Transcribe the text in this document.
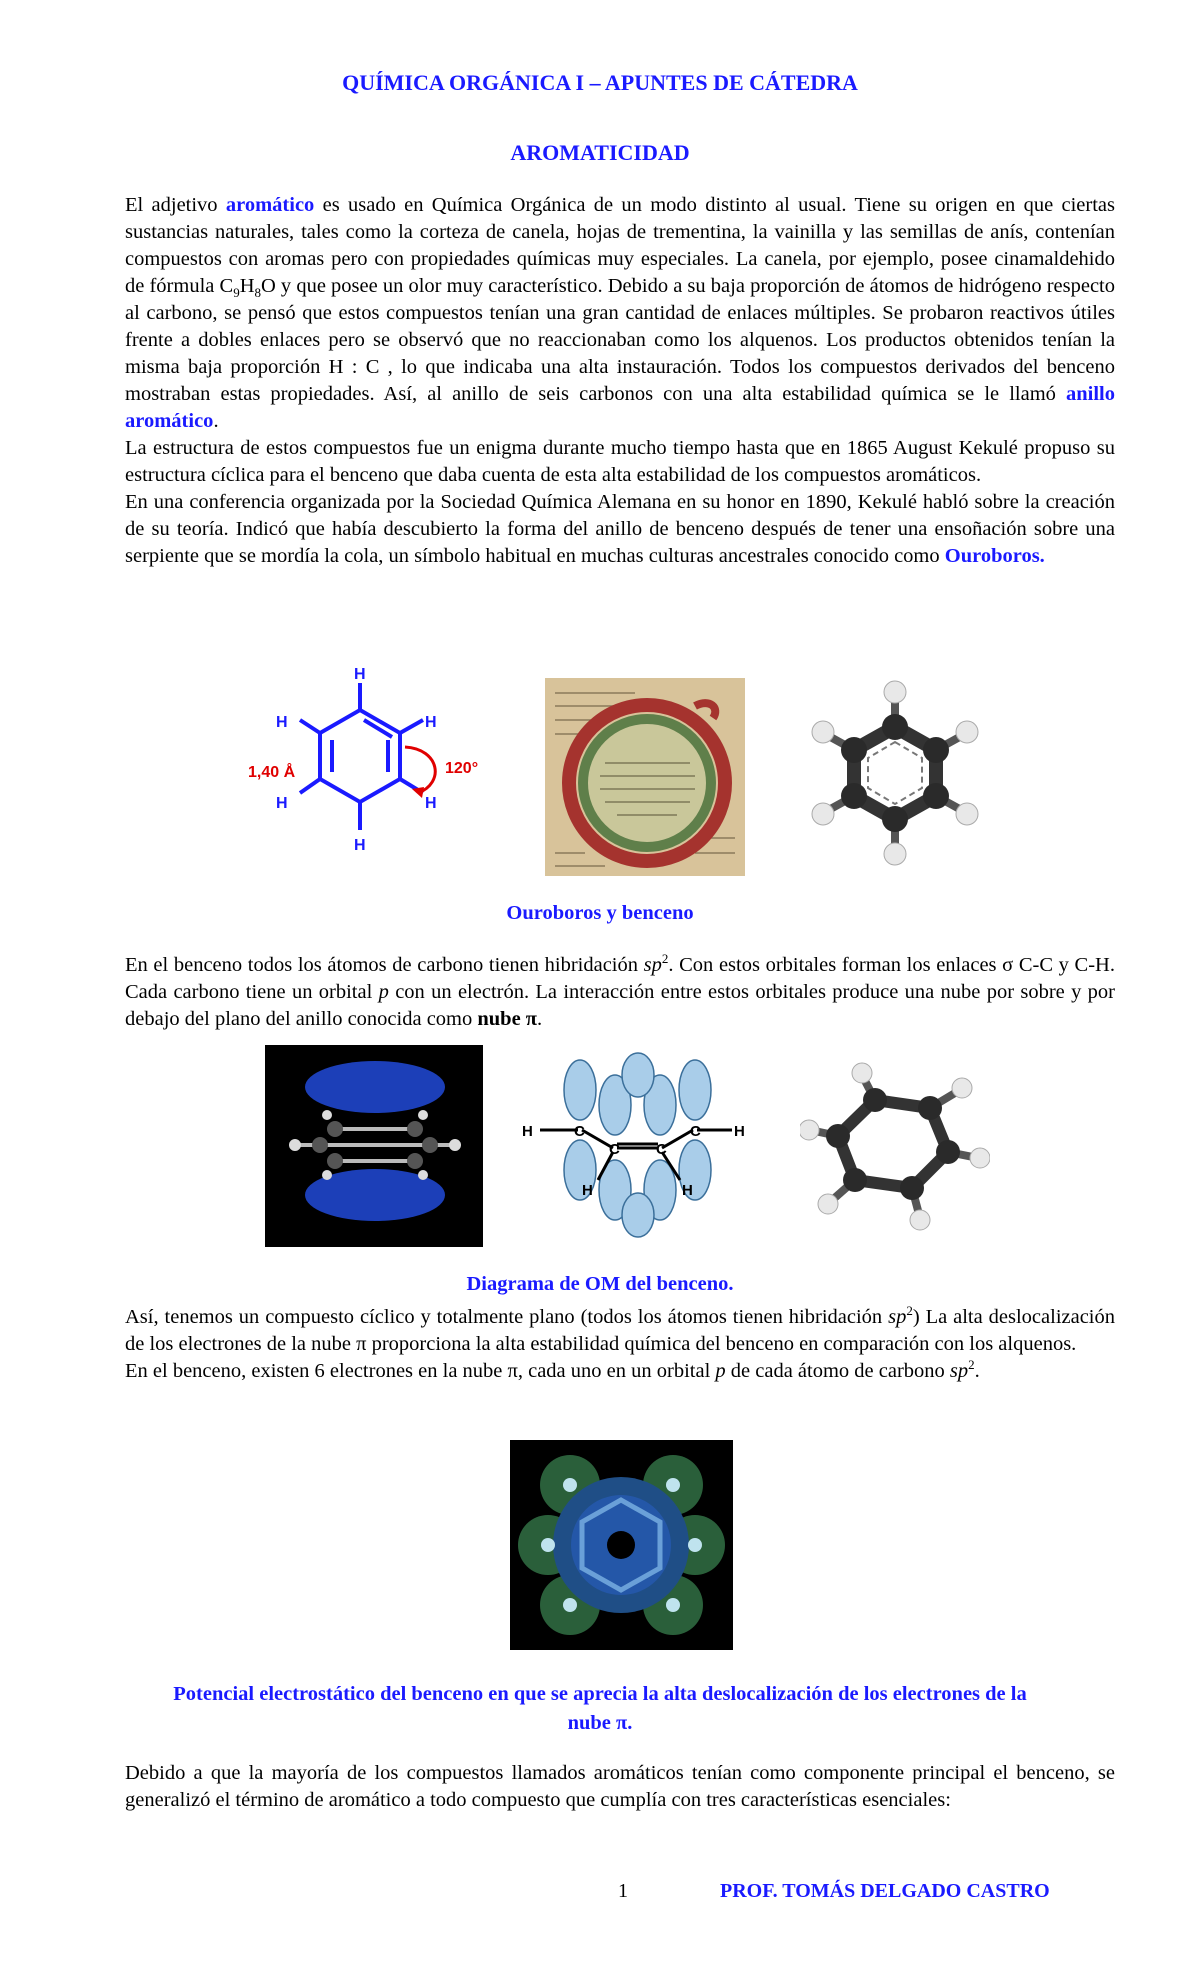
QUÍMICA ORGÁNICA I – APUNTES DE CÁTEDRA
AROMATICIDAD
El adjetivo aromático es usado en Química Orgánica de un modo distinto al usual. Tiene su origen en que ciertas sustancias naturales, tales como la corteza de canela, hojas de trementina, la vainilla y las semillas de anís, contenían compuestos con aromas pero con propiedades químicas muy especiales. La canela, por ejemplo, posee cinamaldehido de fórmula $C_9H_8O$ y que posee un olor muy característico. Debido a su baja proporción de átomos de hidrógeno respecto al carbono, se pensó que estos compuestos tenían una gran cantidad de enlaces múltiples. Se probaron reactivos útiles frente a dobles enlaces pero se observó que no reaccionaban como los alquenos. Los productos obtenidos tenían la misma baja proporción H : C , lo que indicaba una alta instauración. Todos los compuestos derivados del benceno mostraban estas propiedades. Así, al anillo de seis carbonos con una alta estabilidad química se le llamó anillo aromático.
La estructura de estos compuestos fue un enigma durante mucho tiempo hasta que en 1865 August Kekulé propuso su estructura cíclica para el benceno que daba cuenta de esta alta estabilidad de los compuestos aromáticos.
En una conferencia organizada por la Sociedad Química Alemana en su honor en 1890, Kekulé habló sobre la creación de su teoría. Indicó que había descubierto la forma del anillo de benceno después de tener una ensoñación sobre una serpiente que se mordía la cola, un símbolo habitual en muchas culturas ancestrales conocido como Ouroboros.
H
H
H
H
H
H
1,40 Å	120°
Ouroboros y benceno
En el benceno todos los átomos de carbono tienen hibridación $sp^2$. Con estos orbitales forman los enlaces σ C-C y C-H. Cada carbono tiene un orbital p con un electrón. La interacción entre estos orbitales produce una nube por sobre y por debajo del plano del anillo conocida como nube π.
H	H
H	H
C
C C
C
Diagrama de OM del benceno.
Así, tenemos un compuesto cíclico y totalmente plano (todos los átomos tienen hibridación $sp^2$) La alta deslocalización de los electrones de la nube π proporciona la alta estabilidad química del benceno en comparación con los alquenos.
En el benceno, existen 6 electrones en la nube π, cada uno en un orbital p de cada átomo de carbono $sp^2$.
Potencial electrostático del benceno en que se aprecia la alta deslocalización de los electrones de la
nube π.
Debido a que la mayoría de los compuestos llamados aromáticos tenían como componente principal el benceno, se generalizó el término de aromático a todo compuesto que cumplía con tres características esenciales:
1	PROF. TOMÁS DELGADO CASTRO
